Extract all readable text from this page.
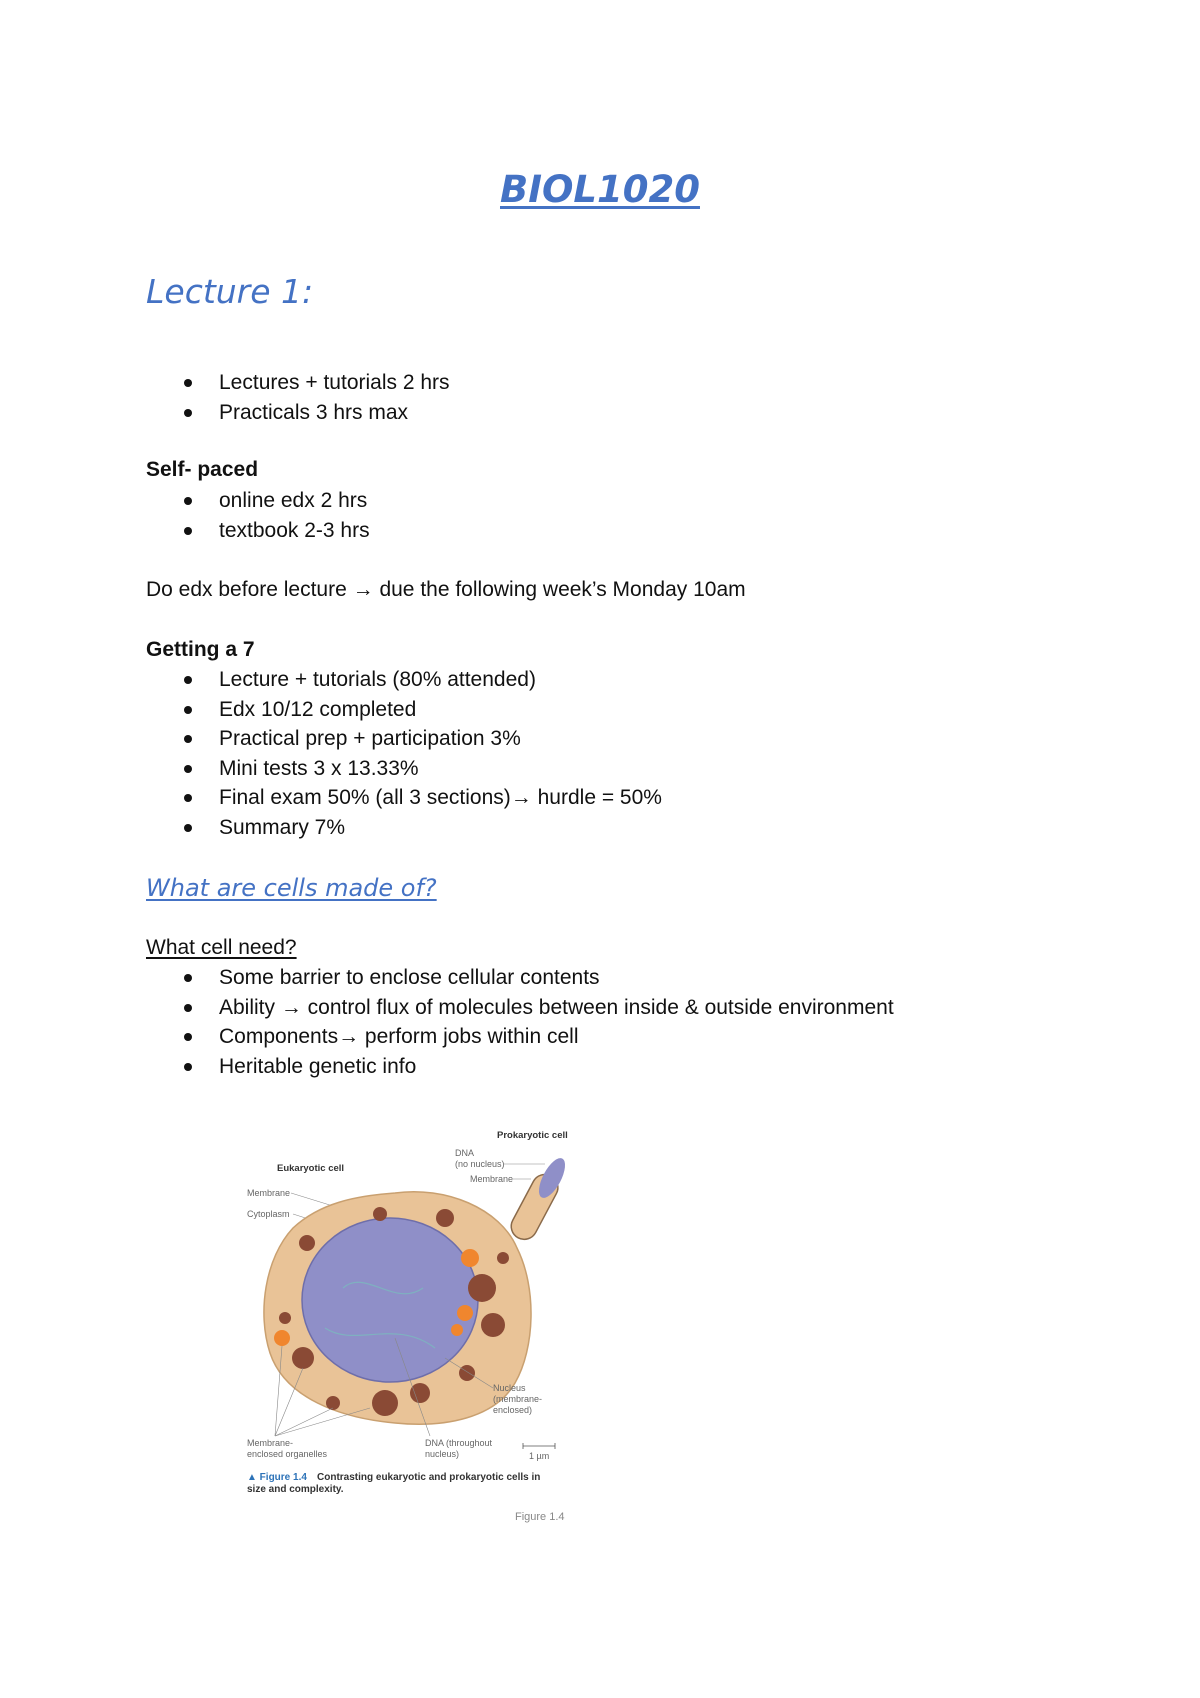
BIOL1020
Lecture 1:
Lectures + tutorials 2 hrs
Practicals 3 hrs max
Self- paced
online edx 2 hrs
textbook 2-3 hrs
Do edx before lecture → due the following week’s Monday 10am
Getting a 7
Lecture + tutorials (80% attended)
Edx 10/12 completed
Practical prep + participation 3%
Mini tests 3 x 13.33%
Final exam 50% (all 3 sections)→ hurdle = 50%
Summary 7%
What are cells made of?
What cell need?
Some barrier to enclose cellular contents
Ability → control flux of molecules between inside & outside environment
Components→ perform jobs within cell
Heritable genetic info
Prokaryotic cell
DNA
(no nucleus)
Membrane
Eukaryotic cell
Membrane
Cytoplasm
Nucleus
(membrane-
enclosed)
Membrane-
enclosed organelles
DNA (throughout
nucleus)	1 µm
▲ Figure 1.4 Contrasting eukaryotic and prokaryotic cells in
size and complexity.
Figure 1.4
